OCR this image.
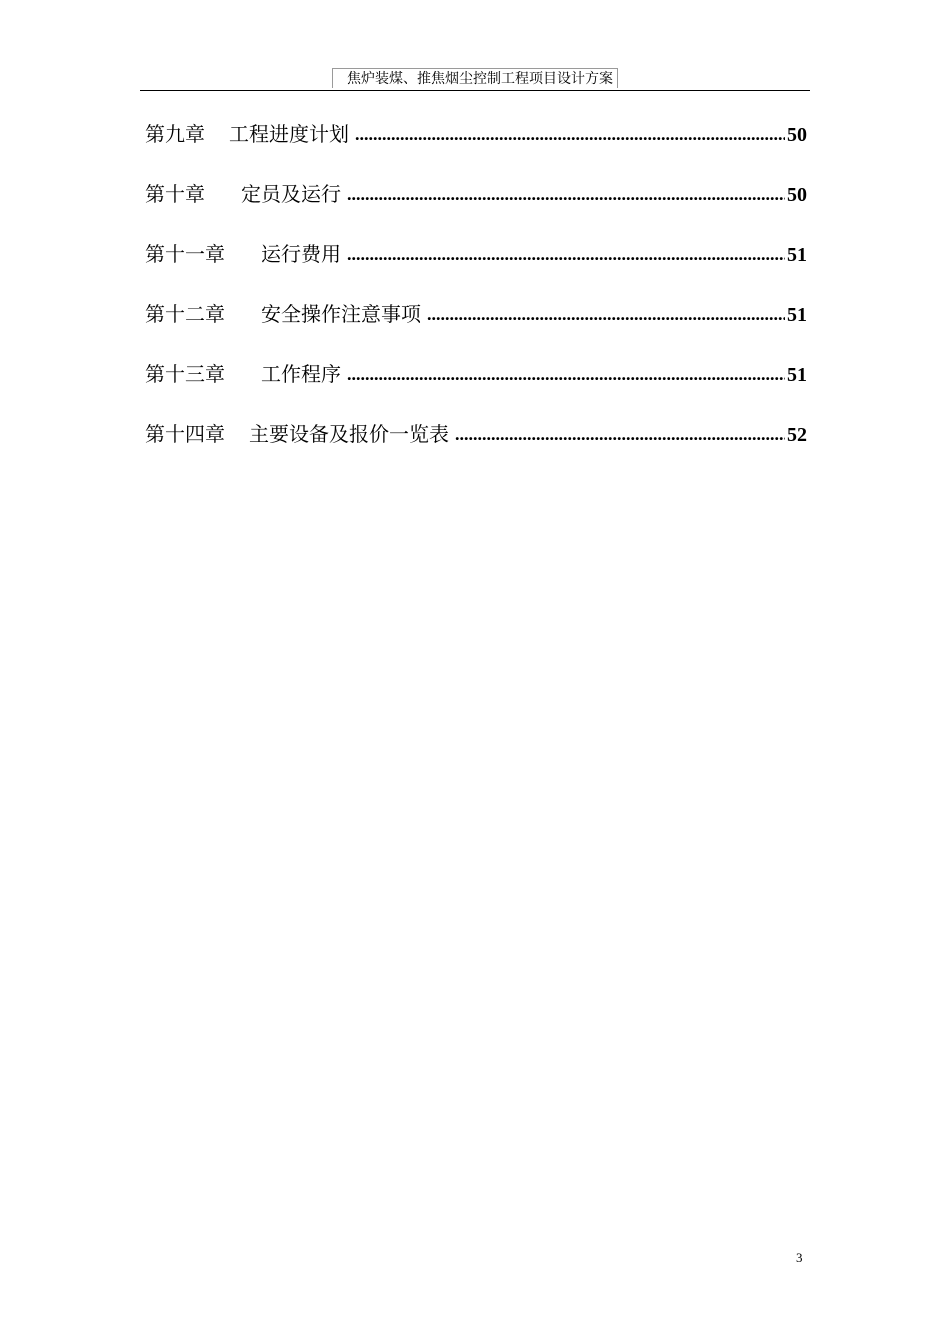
焦炉装煤、推焦烟尘控制工程项目设计方案
第九章 工程进度计划 .....	50
第十章 定员及运行 .....	50
第十一章 运行费用 .....	51
第十二章 安全操作注意事项 .....	51
第十三章 工作程序 .....	51
第十四章 主要设备及报价一览表 .....	52
3
